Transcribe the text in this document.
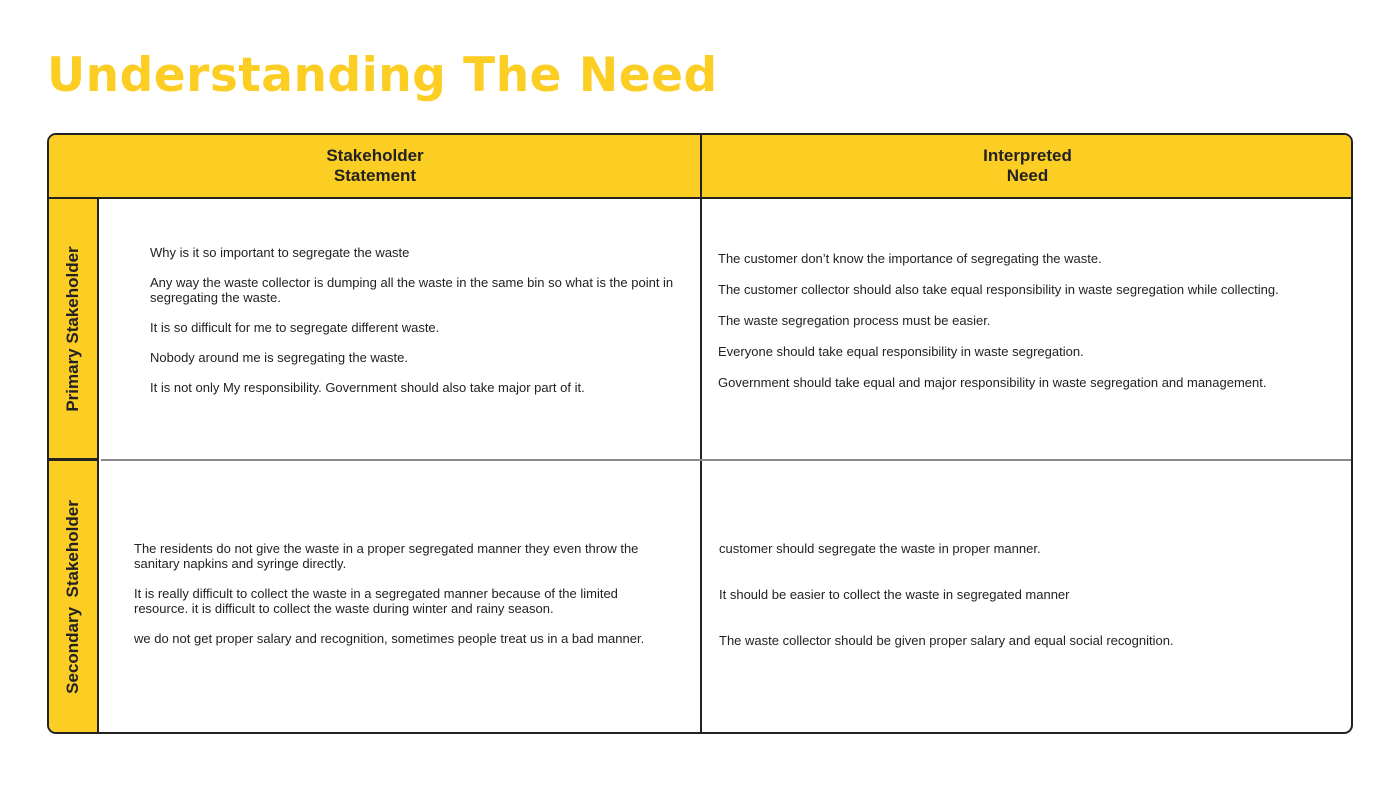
Understanding The Need
Stakeholder
Statement
Interpreted
Need
Primary Stakeholder
Secondary  Stakeholder

Why is it so important to segregate the waste

Any way the waste collector is dumping all the waste in the same bin so what is the point in segregating the waste.

It is so difficult for me to segregate different waste.

Nobody around me is segregating the waste.

It is not only My responsibility. Government should also take major part of it.

The customer don’t know the importance of segregating the waste.

The customer collector should also take equal responsibility in waste segregation while collecting.

The waste segregation process must be easier.

Everyone should take equal responsibility in waste segregation.

Government should take equal and major responsibility in waste segregation and management.

The residents do not give the waste in a proper segregated manner they even throw the sanitary napkins and syringe directly.

It is really difficult to collect the waste in a segregated manner because of the limited resource. it is difficult to collect the waste during winter and rainy season.

we do not get proper salary and recognition, sometimes people treat us in a bad manner.

customer should segregate the waste in proper manner.

It should be easier to collect the waste in segregated manner

The waste collector should be given proper salary and equal social recognition.
